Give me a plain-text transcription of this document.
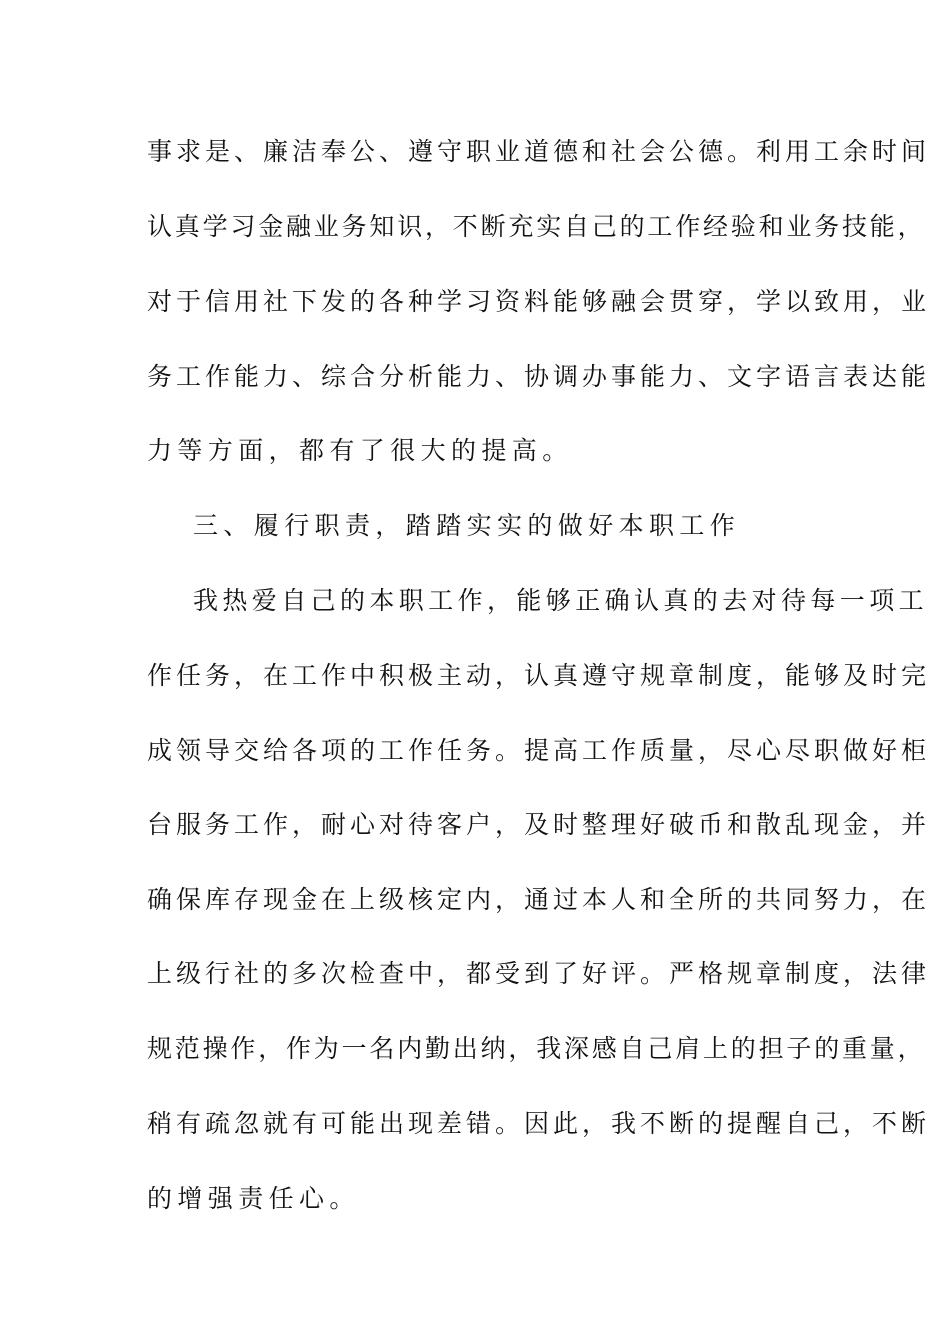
事求是、廉洁奉公、遵守职业道德和社会公德。利用工余时间
认真学习金融业务知识，不断充实自己的工作经验和业务技能，
对于信用社下发的各种学习资料能够融会贯穿，学以致用，业
务工作能力、综合分析能力、协调办事能力、文字语言表达能
力等方面，都有了很大的提高。
三、履行职责，踏踏实实的做好本职工作
我热爱自己的本职工作，能够正确认真的去对待每一项工
作任务，在工作中积极主动，认真遵守规章制度，能够及时完
成领导交给各项的工作任务。提高工作质量，尽心尽职做好柜
台服务工作，耐心对待客户，及时整理好破币和散乱现金，并
确保库存现金在上级核定内，通过本人和全所的共同努力，在
上级行社的多次检查中，都受到了好评。严格规章制度，法律
规范操作，作为一名内勤出纳，我深感自己肩上的担子的重量，
稍有疏忽就有可能出现差错。因此，我不断的提醒自己，不断
的增强责任心。
